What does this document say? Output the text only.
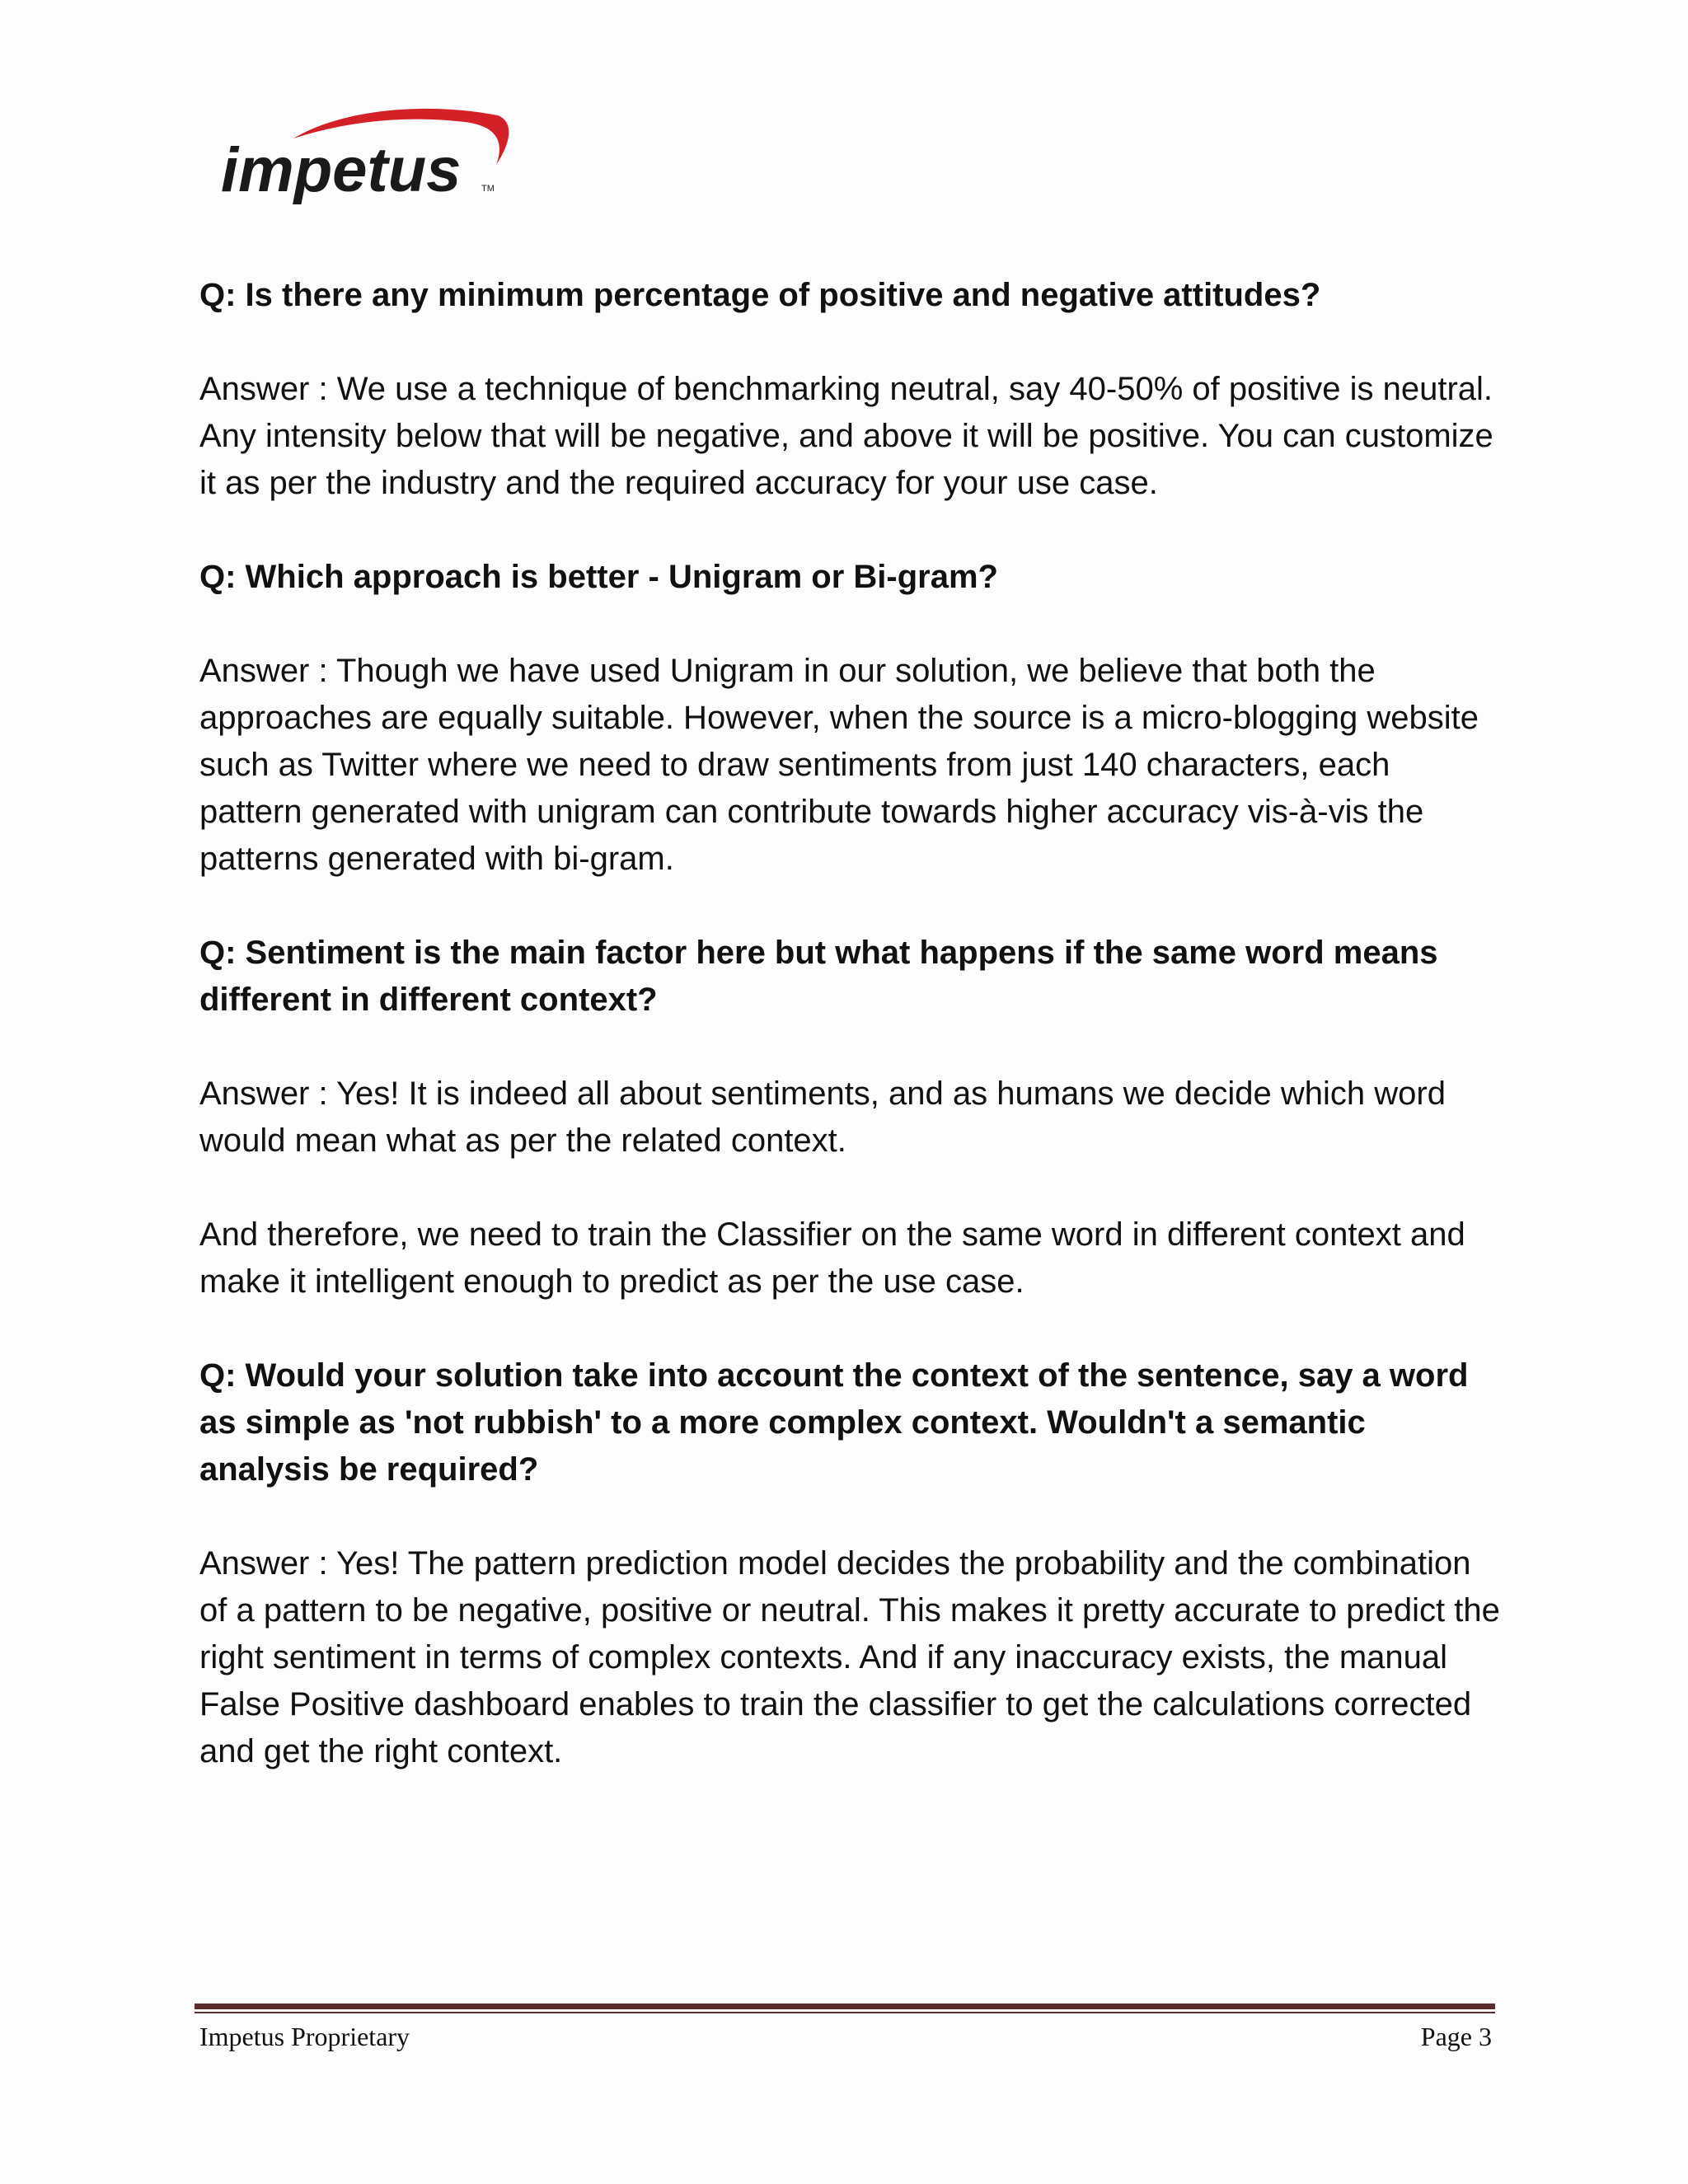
impetus TM
Q: Is there any minimum percentage of positive and negative attitudes?
Answer : We use a technique of benchmarking neutral, say 40-50% of positive is neutral. Any intensity below that will be negative, and above it will be positive. You can customize it as per the industry and the required accuracy for your use case.
Q: Which approach is better - Unigram or Bi-gram?
Answer : Though we have used Unigram in our solution, we believe that both the approaches are equally suitable. However, when the source is a micro-blogging website such as Twitter where we need to draw sentiments from just 140 characters, each pattern generated with unigram can contribute towards higher accuracy vis-à-vis the patterns generated with bi-gram.
Q: Sentiment is the main factor here but what happens if the same word means different in different context?
Answer : Yes! It is indeed all about sentiments, and as humans we decide which word would mean what as per the related context.
And therefore, we need to train the Classifier on the same word in different context and make it intelligent enough to predict as per the use case.
Q: Would your solution take into account the context of the sentence, say a word as simple as 'not rubbish' to a more complex context. Wouldn't a semantic analysis be required?
Answer : Yes! The pattern prediction model decides the probability and the combination of a pattern to be negative, positive or neutral. This makes it pretty accurate to predict the right sentiment in terms of complex contexts. And if any inaccuracy exists, the manual False Positive dashboard enables to train the classifier to get the calculations corrected and get the right context.
Impetus Proprietary	Page 3
